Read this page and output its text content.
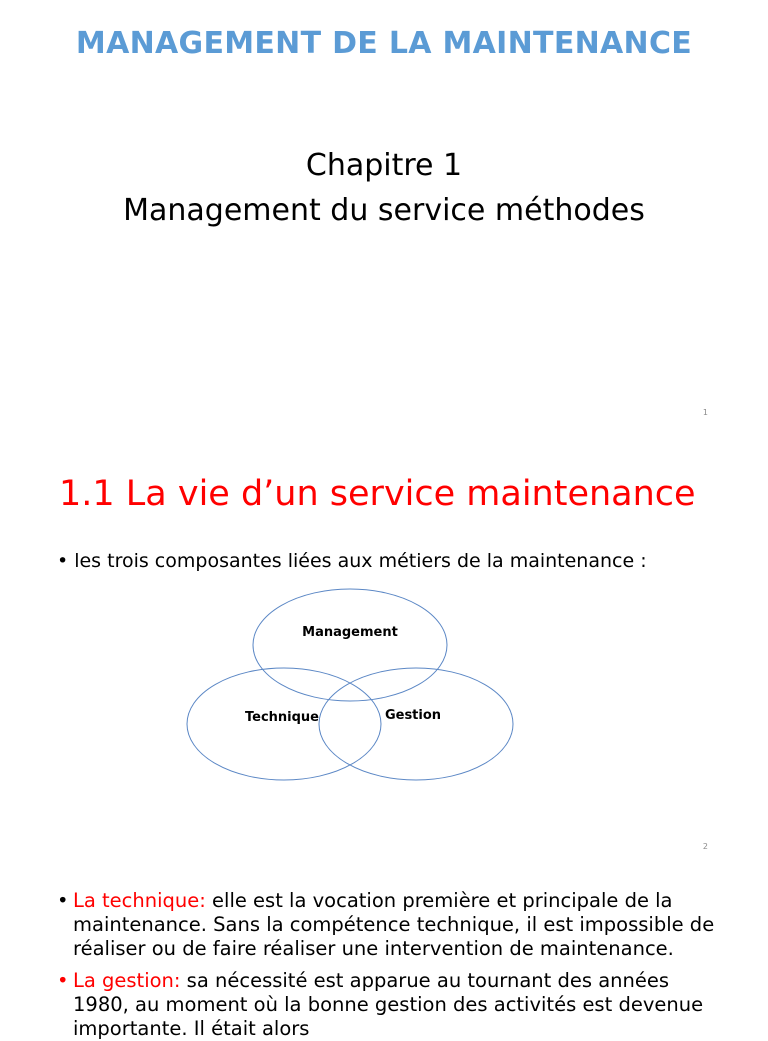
MANAGEMENT DE LA MAINTENANCE
Chapitre 1
Management du service méthodes
1
1.1 La vie d’un service maintenance
• les trois composantes liées aux métiers de la maintenance :
Management
Technique	Gestion
2
• La technique: elle est la vocation première et principale de la maintenance. Sans la compétence technique, il est impossible de réaliser ou de faire réaliser une intervention de maintenance.
• La gestion: sa nécessité est apparue au tournant des années 1980, au moment où la bonne gestion des activités est devenue importante. Il était alors
